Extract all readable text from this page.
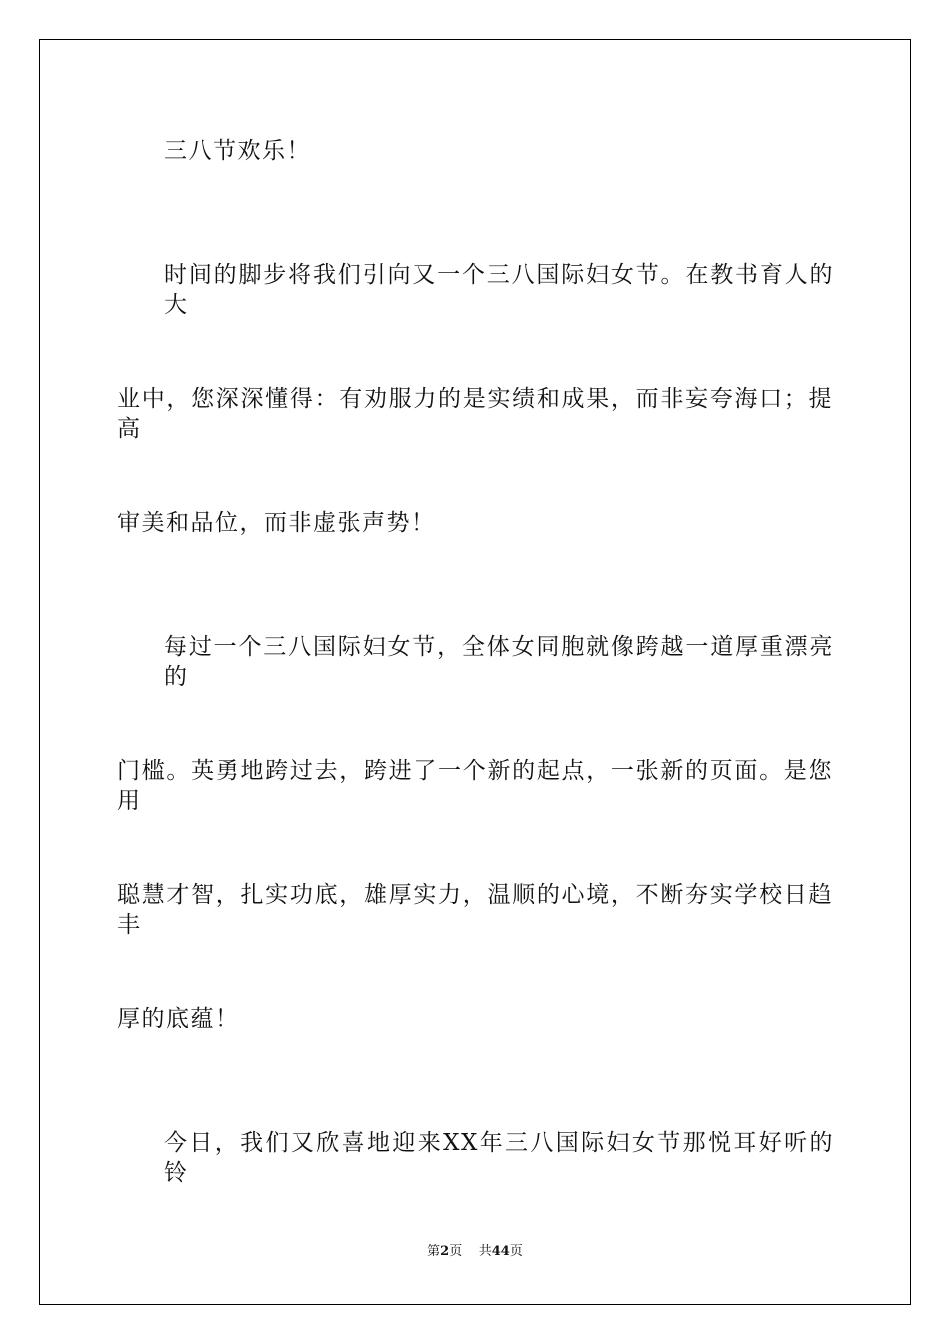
三八节欢乐！
时间的脚步将我们引向又一个三八国际妇女节。在教书育人的大
业中，您深深懂得：有劝服力的是实绩和成果，而非妄夸海口；提高
审美和品位，而非虚张声势！
每过一个三八国际妇女节，全体女同胞就像跨越一道厚重漂亮的
门槛。英勇地跨过去，跨进了一个新的起点，一张新的页面。是您用
聪慧才智，扎实功底，雄厚实力，温顺的心境，不断夯实学校日趋丰
厚的底蕴！
今日，我们又欣喜地迎来XX年三八国际妇女节那悦耳好听的铃
第2页 共44页
